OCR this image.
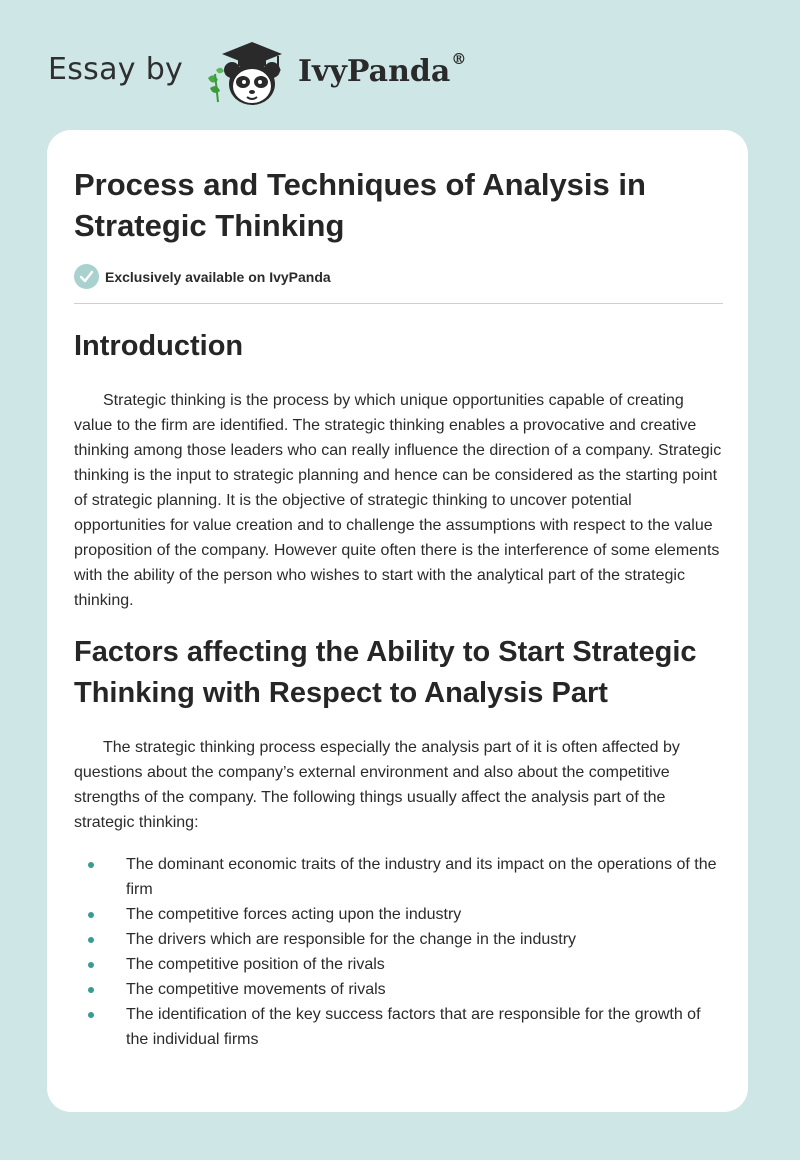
Essay by	IvyPanda®
Process and Techniques of Analysis in Strategic Thinking
Exclusively available on IvyPanda
Introduction

Strategic thinking is the process by which unique opportunities capable of creating value to the firm are identified. The strategic thinking enables a provocative and creative thinking among those leaders who can really influence the direction of a company. Strategic thinking is the input to strategic planning and hence can be considered as the starting point of strategic planning. It is the objective of strategic thinking to uncover potential opportunities for value creation and to challenge the assumptions with respect to the value proposition of the company. However quite often there is the interference of some elements with the ability of the person who wishes to start with the analytical part of the strategic thinking.

Factors affecting the Ability to Start Strategic Thinking with Respect to Analysis Part

The strategic thinking process especially the analysis part of it is often affected by questions about the company’s external environment and also about the competitive strengths of the company. The following things usually affect the analysis part of the strategic thinking:

The dominant economic traits of the industry and its impact on the operations of the firm
The competitive forces acting upon the industry
The drivers which are responsible for the change in the industry
The competitive position of the rivals
The competitive movements of rivals
The identification of the key success factors that are responsible for the growth of the individual firms
